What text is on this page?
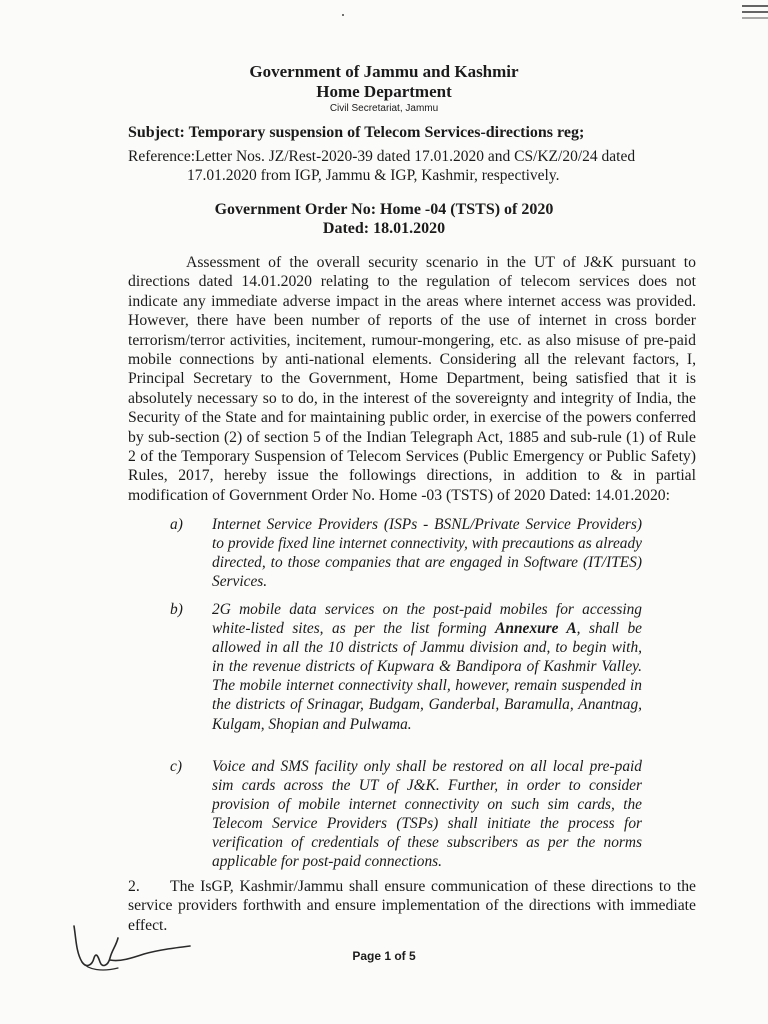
Government of Jammu and Kashmir
Home Department
Civil Secretariat, Jammu
Subject: Temporary suspension of Telecom Services-directions reg;
Reference:Letter Nos. JZ/Rest-2020-39 dated 17.01.2020 and CS/KZ/20/24 dated
17.01.2020 from IGP, Jammu & IGP, Kashmir, respectively.
Government Order No: Home -04 (TSTS) of 2020
Dated: 18.01.2020

Assessment of the overall security scenario in the UT of J&K pursuant to directions dated 14.01.2020 relating to the regulation of telecom services does not indicate any immediate adverse impact in the areas where internet access was provided. However, there have been number of reports of the use of internet in cross border terrorism/terror activities, incitement, rumour-mongering, etc. as also misuse of pre-paid mobile connections by anti-national elements. Considering all the relevant factors, I, Principal Secretary to the Government, Home Department, being satisfied that it is absolutely necessary so to do, in the interest of the sovereignty and integrity of India, the Security of the State and for maintaining public order, in exercise of the powers conferred by sub-section (2) of section 5 of the Indian Telegraph Act, 1885 and sub-rule (1) of Rule 2 of the Temporary Suspension of Telecom Services (Public Emergency or Public Safety) Rules, 2017, hereby issue the followings directions, in addition to & in partial modification of Government Order No. Home -03 (TSTS) of 2020 Dated: 14.01.2020:

a) Internet Service Providers (ISPs - BSNL/Private Service Providers) to provide fixed line internet connectivity, with precautions as already directed, to those companies that are engaged in Software (IT/ITES) Services.
b) 2G mobile data services on the post-paid mobiles for accessing white-listed sites, as per the list forming Annexure A, shall be allowed in all the 10 districts of Jammu division and, to begin with, in the revenue districts of Kupwara & Bandipora of Kashmir Valley. The mobile internet connectivity shall, however, remain suspended in the districts of Srinagar, Budgam, Ganderbal, Baramulla, Anantnag, Kulgam, Shopian and Pulwama.
c) Voice and SMS facility only shall be restored on all local pre-paid sim cards across the UT of J&K. Further, in order to consider provision of mobile internet connectivity on such sim cards, the Telecom Service Providers (TSPs) shall initiate the process for verification of credentials of these subscribers as per the norms applicable for post-paid connections.

2. The IsGP, Kashmir/Jammu shall ensure communication of these directions to the service providers forthwith and ensure implementation of the directions with immediate effect.

Page 1 of 5
